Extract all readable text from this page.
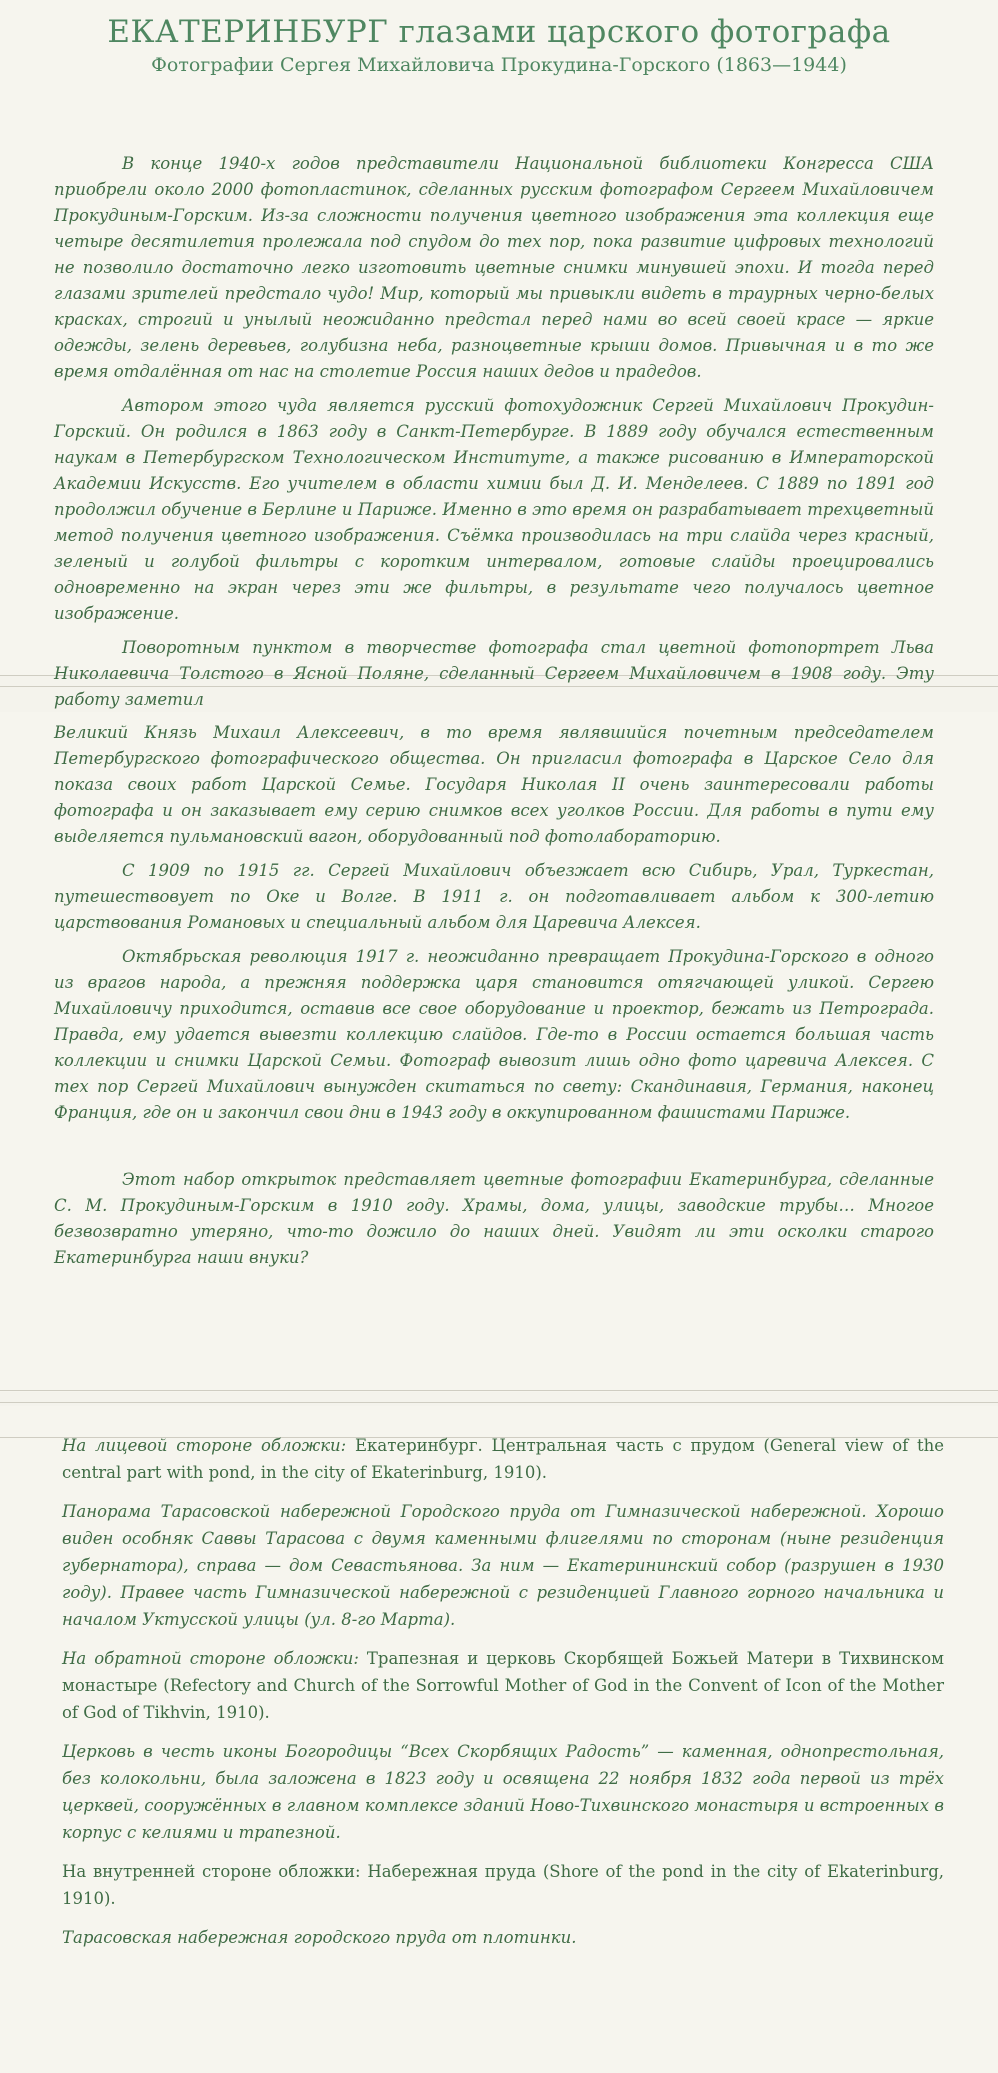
ЕКАТЕРИНБУРГ глазами царского фотографа
Фотографии Сергея Михайловича Прокудина-Горского (1863—1944)

В конце 1940-х годов представители Национальной библиотеки Конгресса США приобрели около 2000 фотопластинок, сделанных русским фотографом Сергеем Михайловичем Прокудиным-Горским. Из-за сложности получения цветного изображения эта коллекция еще четыре десятилетия пролежала под спудом до тех пор, пока развитие цифровых технологий не позволило достаточно легко изготовить цветные снимки минувшей эпохи. И тогда перед глазами зрителей предстало чудо! Мир, который мы привыкли видеть в траурных черно-белых красках, строгий и унылый неожиданно предстал перед нами во всей своей красе — яркие одежды, зелень деревьев, голубизна неба, разноцветные крыши домов. Привычная и в то же время отдалённая от нас на столетие Россия наших дедов и прадедов.

Автором этого чуда является русский фотохудожник Сергей Михайлович Прокудин-Горский. Он родился в 1863 году в Санкт-Петербурге. В 1889 году обучался естественным наукам в Петербургском Технологическом Институте, а также рисованию в Императорской Академии Искусств. Его учителем в области химии был Д. И. Менделеев. С 1889 по 1891 год продолжил обучение в Берлине и Париже. Именно в это время он разрабатывает трехцветный метод получения цветного изображения. Съёмка производилась на три слайда через красный, зеленый и голубой фильтры с коротким интервалом, готовые слайды проецировались одновременно на экран через эти же фильтры, в результате чего получалось цветное изображение.

Поворотным пунктом в творчестве фотографа стал цветной фотопортрет Льва Николаевича Толстого в Ясной Поляне, сделанный Сергеем Михайловичем в 1908 году. Эту работу заметил

Великий Князь Михаил Алексеевич, в то время являвшийся почетным председателем Петербургского фотографического общества. Он пригласил фотографа в Царское Село для показа своих работ Царской Семье. Государя Николая II очень заинтересовали работы фотографа и он заказывает ему серию снимков всех уголков России. Для работы в пути ему выделяется пульмановский вагон, оборудованный под фотолабораторию.

С 1909 по 1915 гг. Сергей Михайлович объезжает всю Сибирь, Урал, Туркестан, путешествовует по Оке и Волге. В 1911 г. он подготавливает альбом к 300-летию царствования Романовых и специальный альбом для Царевича Алексея.

Октябрьская революция 1917 г. неожиданно превращает Прокудина-Горского в одного из врагов народа, а прежняя поддержка царя становится отягчающей уликой. Сергею Михайловичу приходится, оставив все свое оборудование и проектор, бежать из Петрограда. Правда, ему удается вывезти коллекцию слайдов. Где-то в России остается большая часть коллекции и снимки Царской Семьи. Фотограф вывозит лишь одно фото царевича Алексея. С тех пор Сергей Михайлович вынужден скитаться по свету: Скандинавия, Германия, наконец Франция, где он и закончил свои дни в 1943 году в оккупированном фашистами Париже.

Этот набор открыток представляет цветные фотографии Екатеринбурга, сделанные С. М. Прокудиным-Горским в 1910 году. Храмы, дома, улицы, заводские трубы… Многое безвозвратно утеряно, что-то дожило до наших дней. Увидят ли эти осколки старого Екатеринбурга наши внуки?

На лицевой стороне обложки: Екатеринбург. Центральная часть с прудом (General view of the central part with pond, in the city of Ekaterinburg, 1910).

Панорама Тарасовской набережной Городского пруда от Гимназической набережной. Хорошо виден особняк Саввы Тарасова с двумя каменными флигелями по сторонам (ныне резиденция губернатора), справа — дом Севастьянова. За ним — Екатерининский собор (разрушен в 1930 году). Правее часть Гимназической набережной с резиденцией Главного горного начальника и началом Уктусской улицы (ул. 8-го Марта).

На обратной стороне обложки: Трапезная и церковь Скорбящей Божьей Матери в Тихвинском монастыре (Refectory and Church of the Sorrowful Mother of God in the Convent of Icon of the Mother of God of Tikhvin, 1910).

Церковь в честь иконы Богородицы “Всех Скорбящих Радость” — каменная, однопрестольная, без колокольни, была заложена в 1823 году и освящена 22 ноября 1832 года первой из трёх церквей, сооружённых в главном комплексе зданий Ново-Тихвинского монастыря и встроенных в корпус с келиями и трапезной.

На внутренней стороне обложки: Набережная пруда (Shore of the pond in the city of Ekaterinburg, 1910).

Тарасовская набережная городского пруда от плотинки.
